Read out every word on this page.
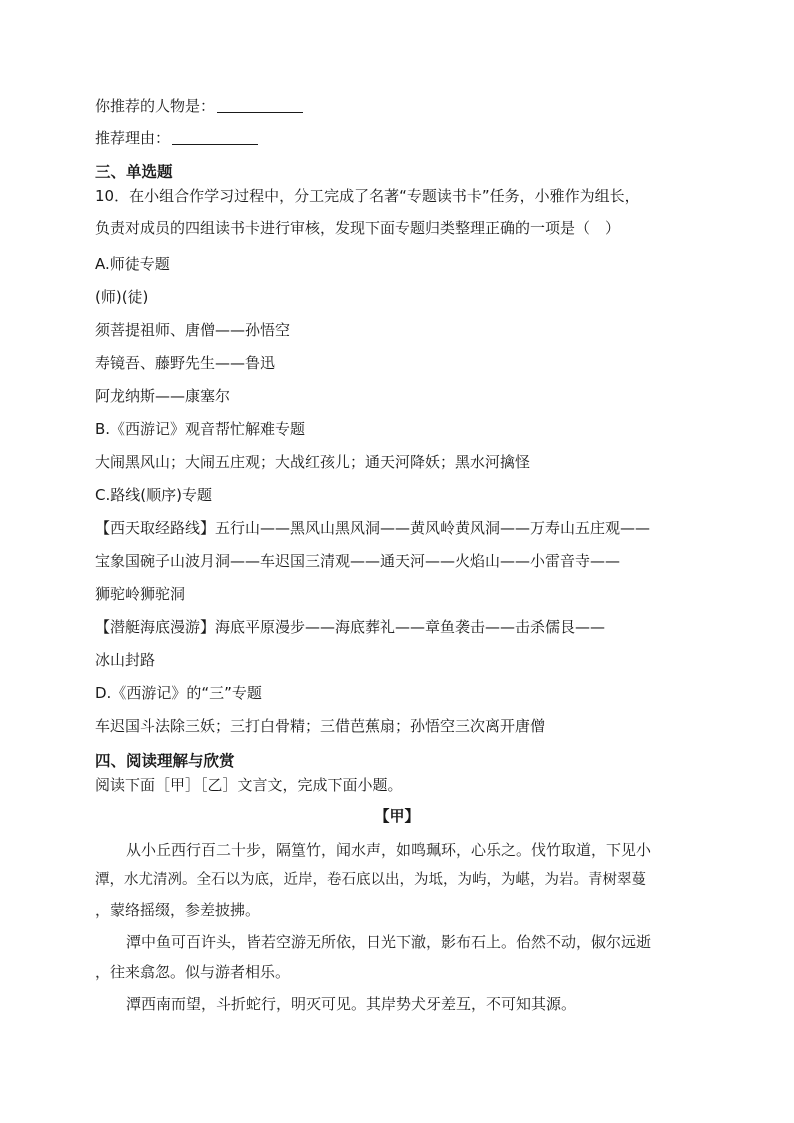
你推荐的人物是：
推荐理由：
三、单选题
10．在小组合作学习过程中，分工完成了名著“专题读书卡”任务，小雅作为组长，
负责对成员的四组读书卡进行审核，发现下面专题归类整理正确的一项是（　）
A.师徒专题
(师)(徒)
须菩提祖师、唐僧——孙悟空
寿镜吾、藤野先生——鲁迅
阿龙纳斯——康塞尔
B.《西游记》观音帮忙解难专题
大闹黑风山；大闹五庄观；大战红孩儿；通天河降妖；黑水河擒怪
C.路线(顺序)专题
【西天取经路线】五行山——黑风山黑风洞——黄风岭黄风洞——万寿山五庄观——
宝象国碗子山波月洞——车迟国三清观——通天河——火焰山——小雷音寺——
狮驼岭狮驼洞
【潜艇海底漫游】海底平原漫步——海底葬礼——章鱼袭击——击杀儒艮——
冰山封路
D.《西游记》的“三”专题
车迟国斗法除三妖；三打白骨精；三借芭蕉扇；孙悟空三次离开唐僧
四、阅读理解与欣赏
阅读下面［甲］［乙］文言文，完成下面小题。
【甲】
从小丘西行百二十步，隔篁竹，闻水声，如鸣珮环，心乐之。伐竹取道，下见小
潭，水尤清冽。全石以为底，近岸，卷石底以出，为坻，为屿，为嵁，为岩。青树翠蔓
，蒙络摇缀，参差披拂。
潭中鱼可百许头，皆若空游无所依，日光下澈，影布石上。佁然不动，俶尔远逝
，往来翕忽。似与游者相乐。
潭西南而望，斗折蛇行，明灭可见。其岸势犬牙差互，不可知其源。
